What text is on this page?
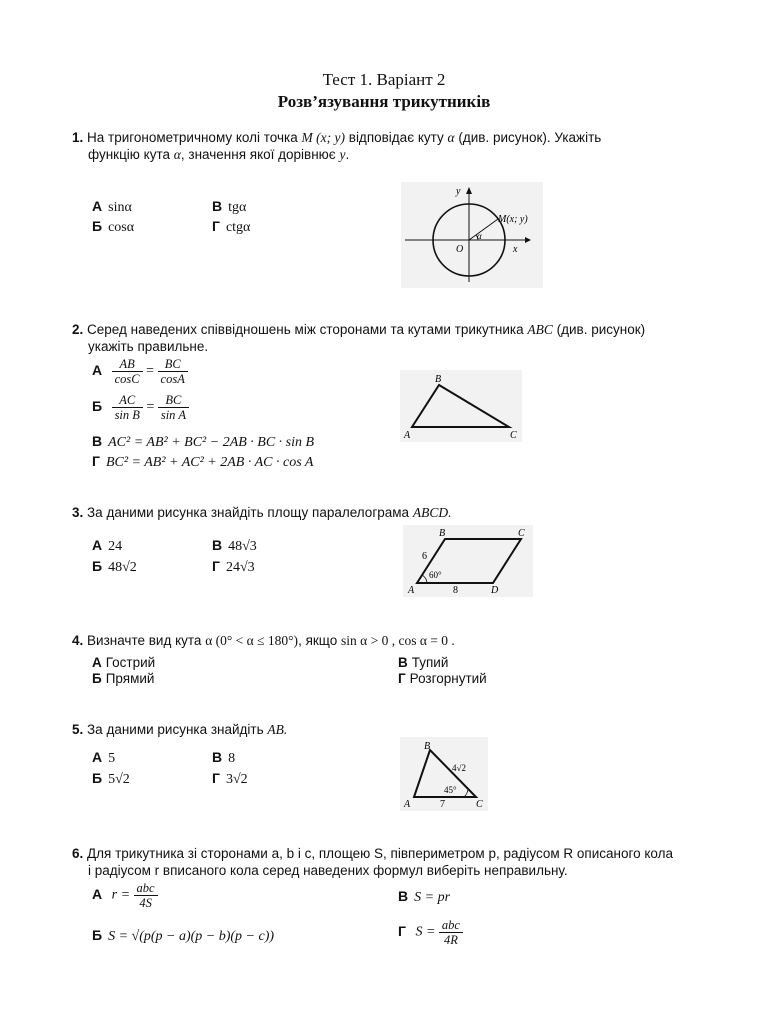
Тест 1. Варіант 2
Розв’язування трикутників
1. На тригонометричному колі точка M (x; y) відповідає куту α (див. рисунок). Укажіть
функцію кута α, значення якої дорівнює y.
А sinα	В tgα
Б cosα	Г ctgα
y
x
O
M(x; y)
α
2. Серед наведених співвідношень між сторонами та кутами трикутника ABC (див. рисунок)
укажіть правильне.
А $\frac{AB}{\cos C} = \frac{BC}{\cos A}$
Б $\frac{AC}{\text{sin B}} = \frac{BC}{\text{sin A}}$
В AC² = AB² + BC² − 2AB · BC · sin B
Г BC² = AB² + AC² + 2AB · AC · cos A
A
B
C
3. За даними рисунка знайдіть площу паралелограма ABCD.
А 24	В 48√3
Б 48√2	Г 24√3
A
B	C
D
6
8
60°
4. Визначте вид кута α (0° < α ≤ 180°), якщо sin α > 0 , cos α = 0 .
А Гострий	В Тупий
Б Прямий	Г Розгорнутий
5. За даними рисунка знайдіть AB.
А 5	В 8
Б 5√2	Г 3√2
A
B
C
4√2
7
45°
6. Для трикутника зі сторонами a, b і c, площею S, півпериметром p, радіусом R описаного кола
і радіусом r вписаного кола серед наведених формул виберіть неправильну.
А $r = \frac{\text{abc}}{4S}$	В S = pr
Б S = √(p(p − a)(p − b)(p − c))	Г $S = \frac{\text{abc}}{4R}$
